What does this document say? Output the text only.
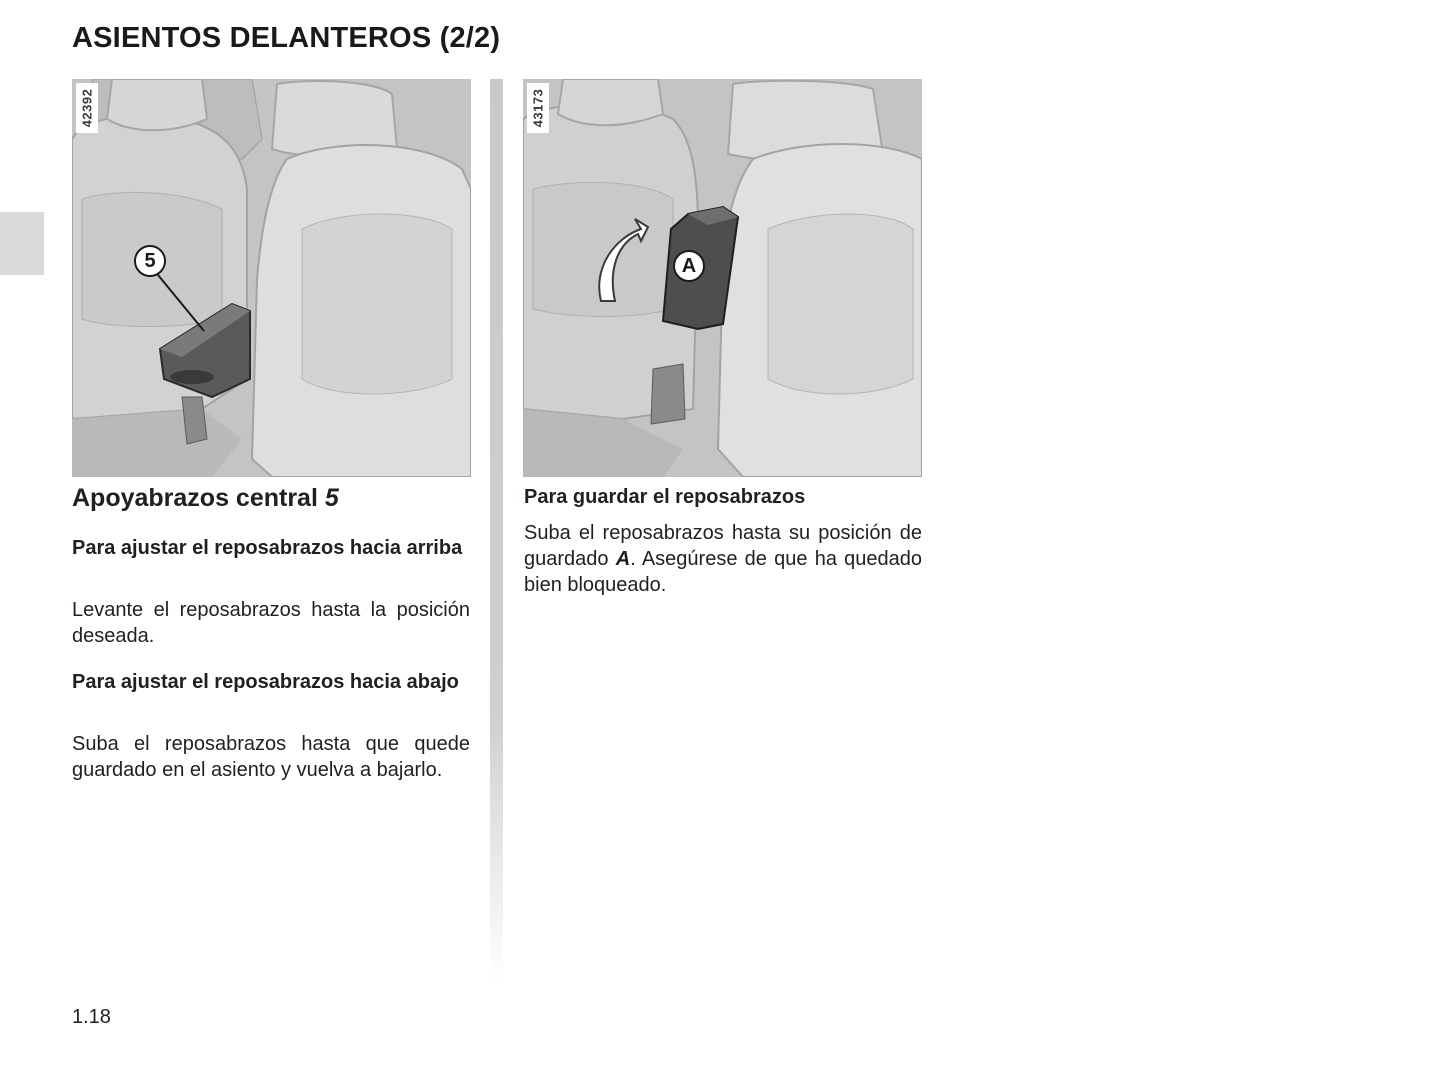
ASIENTOS DELANTEROS (2/2)
42392
5
43173
A
Apoyabrazos central 5
Para ajustar el reposabrazos hacia arriba

Levante el reposabrazos hasta la posición deseada.

Para ajustar el reposabrazos hacia abajo

Suba el reposabrazos hasta que quede guardado en el asiento y vuelva a bajarlo.

Para guardar el reposabrazos

Suba el reposabrazos hasta su posición de guardado A. Asegúrese de que ha quedado bien bloqueado.

1.18
